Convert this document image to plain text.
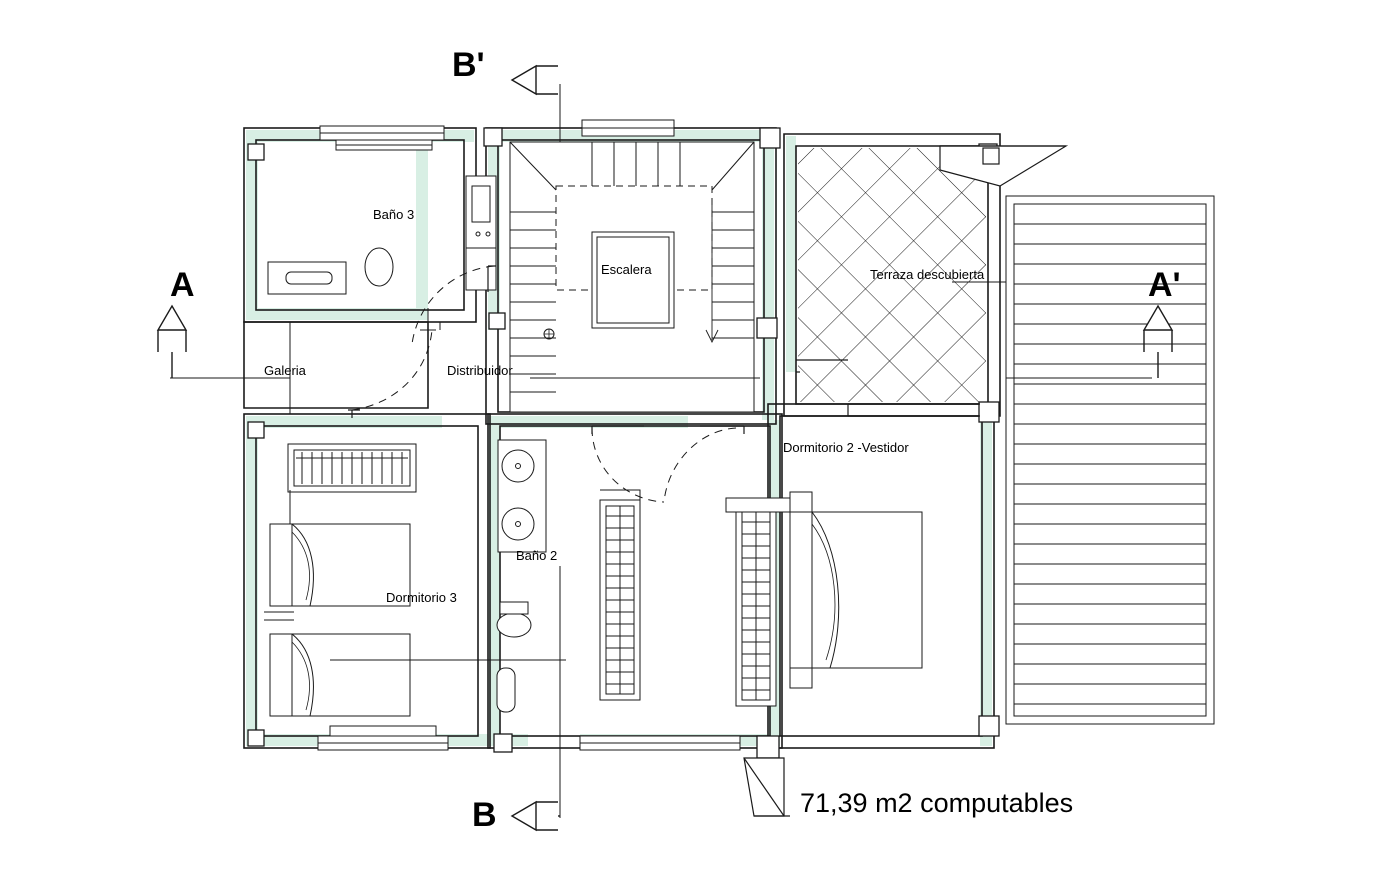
Baño 3
Escalera	Terraza descubierta
Galeria	Distribuidor
Dormitorio 2 -Vestidor
Baño 2
Dormitorio 3
A	A'
B
B'
71,39 m2 computables
